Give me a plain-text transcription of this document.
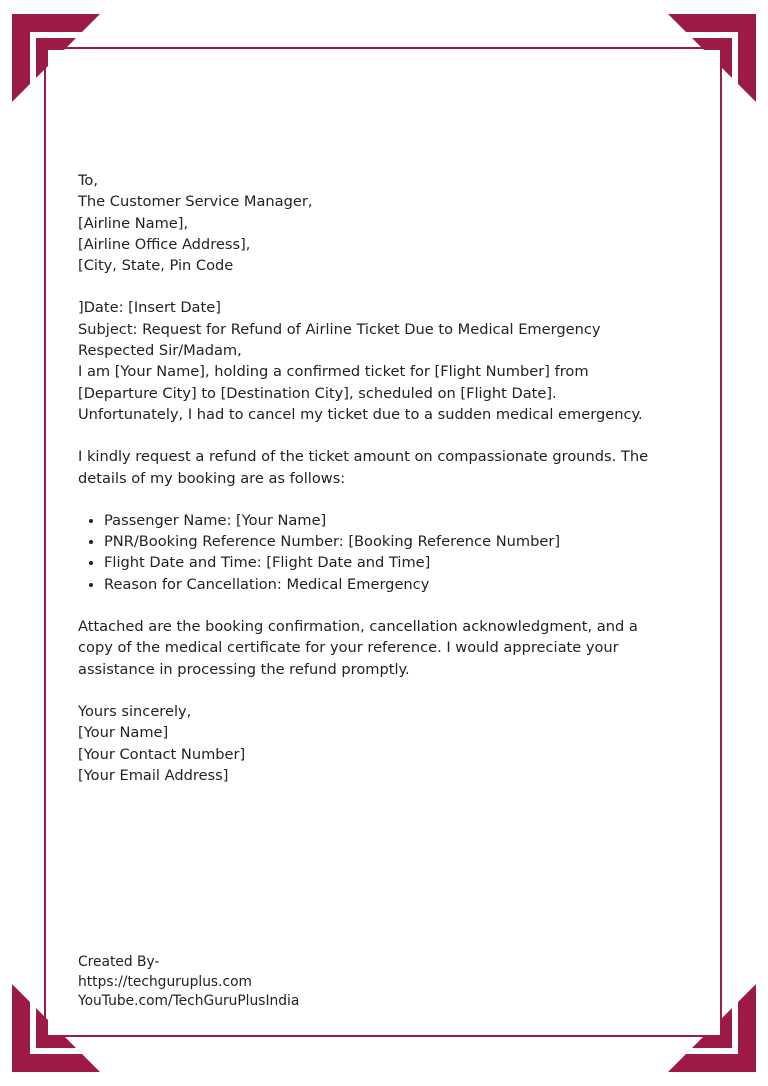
To,
The Customer Service Manager,
[Airline Name],
[Airline Office Address],
[City, State, Pin Code

]Date: [Insert Date]

Subject: Request for Refund of Airline Ticket Due to Medical Emergency

Respected Sir/Madam,

I am [Your Name], holding a confirmed ticket for [Flight Number] from
[Departure City] to [Destination City], scheduled on [Flight Date].
Unfortunately, I had to cancel my ticket due to a sudden medical emergency.
I kindly request a refund of the ticket amount on compassionate grounds. The
details of my booking are as follows:
• Passenger Name: [Your Name]
• PNR/Booking Reference Number: [Booking Reference Number]
• Flight Date and Time: [Flight Date and Time]
• Reason for Cancellation: Medical Emergency
Attached are the booking confirmation, cancellation acknowledgment, and a
copy of the medical certificate for your reference. I would appreciate your
assistance in processing the refund promptly.
Yours sincerely,
[Your Name]
[Your Contact Number]
[Your Email Address]
Created By-
https://techguruplus.com
YouTube.com/TechGuruPlusIndia
